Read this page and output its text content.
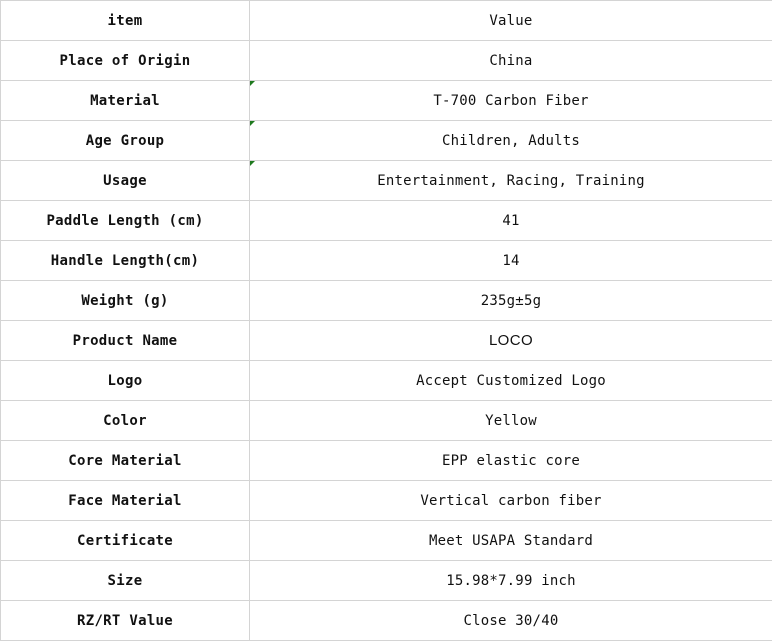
item	Value
Place of Origin	China
Material	T-700 Carbon Fiber
Age Group	Children, Adults
Usage	Entertainment, Racing, Training
Paddle Length (cm)	41
Handle Length(cm)	14
Weight (g)	235g±5g
Product Name	LOCO
Logo	Accept Customized Logo
Color	Yellow
Core Material	EPP elastic core
Face Material	Vertical carbon fiber
Certificate	Meet USAPA Standard
Size	15.98*7.99 inch
RZ/RT Value	Close 30/40
